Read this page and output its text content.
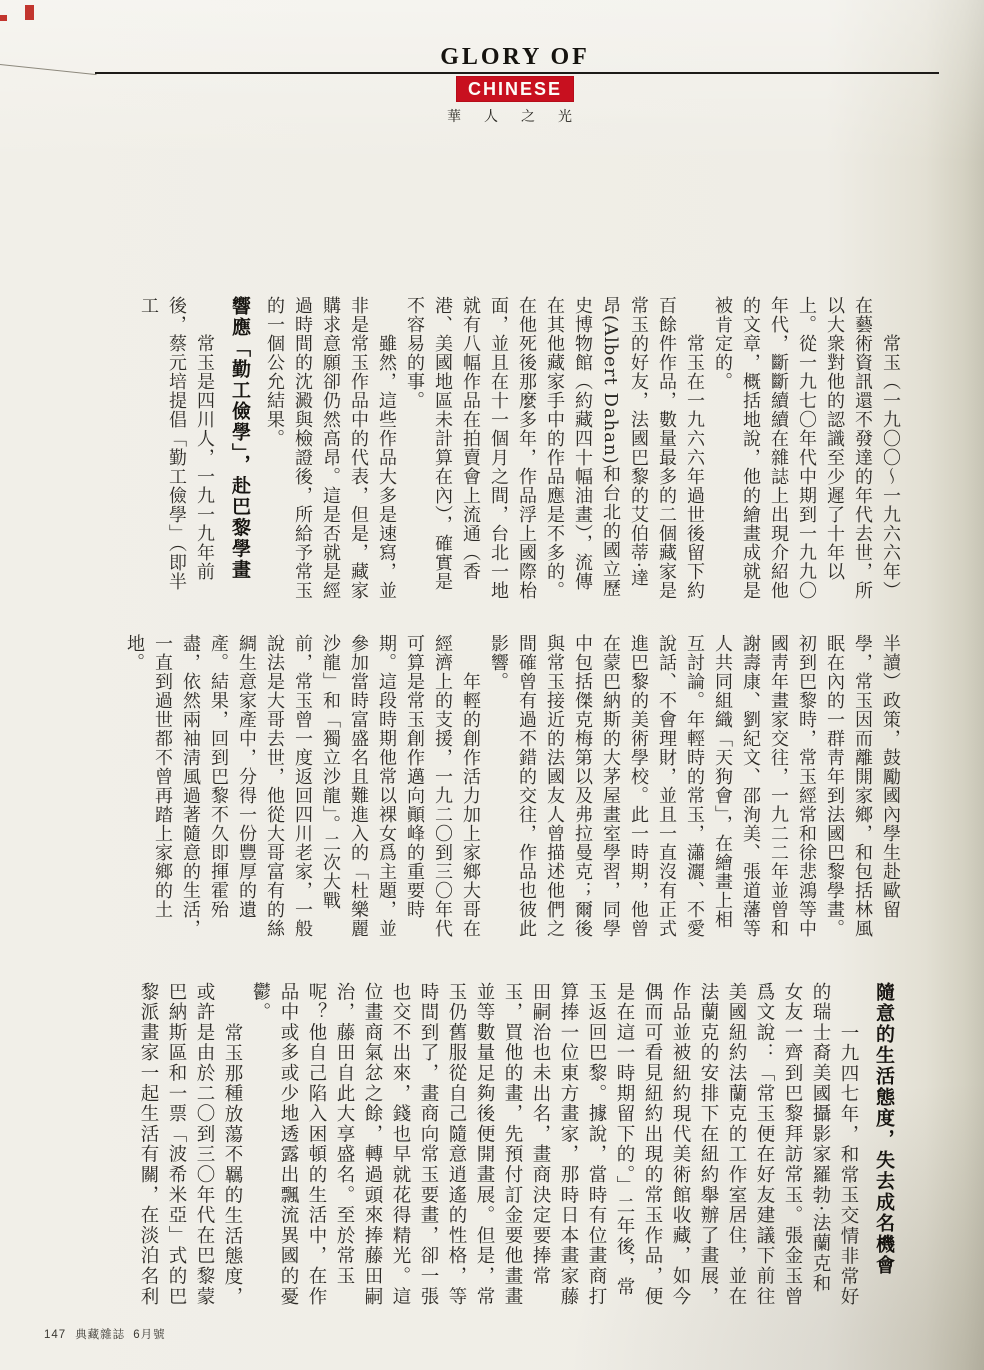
GLORY OF
CHINESE
華人之光

常玉（一九〇〇～一九六六年）在藝術資訊還不發達的年代去世，所以大衆對他的認識至少遲了十年以上。從一九七〇年代中期到一九九〇年代，斷斷續續在雜誌上出現介紹他的文章，概括地說，他的繪畫成就是被肯定的。

常玉在一九六六年過世後留下約百餘件作品，數量最多的二個藏家是常玉的好友，法國巴黎的艾伯蒂·達昂(Albert Dahan)和台北的國立歷史博物館（約藏四十幅油畫），流傳在其他藏家手中的作品應是不多的。在他死後那麼多年，作品浮上國際枱面，並且在十一個月之間，台北一地就有八幅作品在拍賣會上流通（香港、美國地區未計算在內），確實是不容易的事。

雖然，這些作品大多是速寫，並非是常玉作品中的代表，但是，藏家購求意願卻仍然高昂。這是否就是經過時間的沈澱與檢證後，所給予常玉的一個公允結果。

響應「勤工儉學」，赴巴黎學畫

常玉是四川人，一九一九年前後，蔡元培提倡「勤工儉學」（即半工

半讀）政策，鼓勵國內學生赴歐留學，常玉因而離開家鄉，和包括林風眠在內的一群靑年到法國巴黎學畫。初到巴黎時，常玉經常和徐悲鴻等中國靑年畫家交往，一九二二年並曾和謝壽康、劉紀文、邵洵美、張道藩等人共同組織「天狗會」，在繪畫上相互討論。年輕時的常玉，瀟灑、不愛說話、不會理財，並且一直沒有正式進巴黎的美術學校。此一時期，他曾在蒙巴納斯的大茅屋畫室學習，同學中包括傑克梅第以及弗拉曼克；爾後與常玉接近的法國友人曾描述他們之間確曾有過不錯的交往，作品也彼此影響。

年輕的創作活力加上家鄉大哥在經濟上的支援，一九二〇到三〇年代可算是常玉創作邁向顚峰的重要時期。這段時期他常以裸女爲主題，並參加當時富盛名且難進入的「杜樂麗沙龍」和「獨立沙龍」。二次大戰前，常玉曾一度返回四川老家，一般說法是大哥去世，他從大哥富有的絲綢生意家產中，分得一份豐厚的遺產。結果，回到巴黎不久即揮霍殆盡，依然兩袖淸風過著隨意的生活，一直到過世都不曾再踏上家鄉的土地。

隨意的生活態度，失去成名機會

一九四七年，和常玉交情非常好的瑞士裔美國攝影家羅勃·法蘭克和女友一齊到巴黎拜訪常玉。張金玉曾爲文說：「常玉便在好友建議下前往美國紐約法蘭克的工作室居住，並在法蘭克的安排下在紐約舉辦了畫展，作品並被紐約現代美術館收藏，如今偶而可看見紐約出現的常玉作品，便是在這一時期留下的。」二年後，常玉返回巴黎。據說，當時有位畫商打算捧一位東方畫家，那時日本畫家藤田嗣治也未出名，畫商決定要捧常玉，買他的畫，先預付訂金要他畫畫並等數量足夠後便開畫展。但是，常玉仍舊服從自己隨意逍遙的性格，等時間到了，畫商向常玉要畫，卻一張也交不出來，錢也早就花得精光。這位畫商氣忿之餘，轉過頭來捧藤田嗣治，藤田自此大享盛名。至於常玉呢？他自己陷入困頓的生活中，在作品中或多或少地透露出飄流異國的憂鬱。

常玉那種放蕩不羈的生活態度，或許是由於二〇到三〇年代在巴黎蒙巴納斯區和一票「波希米亞」式的巴黎派畫家一起生活有關，在淡泊名利

147 典藏雜誌 6月號
